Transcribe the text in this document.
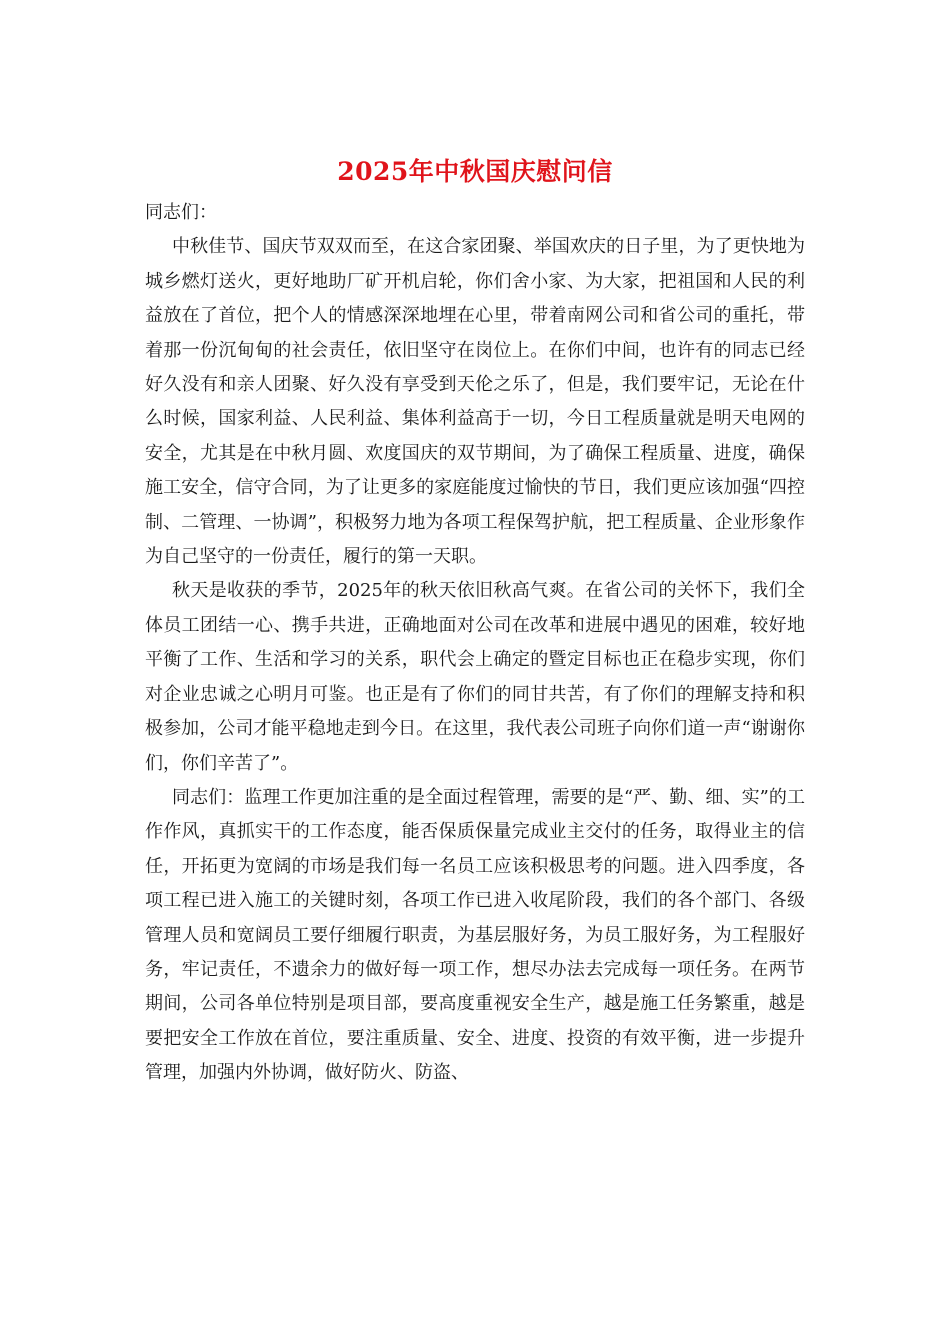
2025年中秋国庆慰问信

同志们：

中秋佳节、国庆节双双而至，在这合家团聚、举国欢庆的日子里，为了更快地为城乡燃灯送火，更好地助厂矿开机启轮，你们舍小家、为大家，把祖国和人民的利益放在了首位，把个人的情感深深地埋在心里，带着南网公司和省公司的重托，带着那一份沉甸甸的社会责任，依旧坚守在岗位上。在你们中间，也许有的同志已经好久没有和亲人团聚、好久没有享受到天伦之乐了，但是，我们要牢记，无论在什么时候，国家利益、人民利益、集体利益高于一切，今日工程质量就是明天电网的安全，尤其是在中秋月圆、欢度国庆的双节期间，为了确保工程质量、进度，确保施工安全，信守合同，为了让更多的家庭能度过愉快的节日，我们更应该加强“四控制、二管理、一协调”，积极努力地为各项工程保驾护航，把工程质量、企业形象作为自己坚守的一份责任，履行的第一天职。

秋天是收获的季节，2025年的秋天依旧秋高气爽。在省公司的关怀下，我们全体员工团结一心、携手共进，正确地面对公司在改革和进展中遇见的困难，较好地平衡了工作、生活和学习的关系，职代会上确定的暨定目标也正在稳步实现，你们对企业忠诚之心明月可鉴。也正是有了你们的同甘共苦，有了你们的理解支持和积极参加，公司才能平稳地走到今日。在这里，我代表公司班子向你们道一声“谢谢你们，你们辛苦了”。

同志们：监理工作更加注重的是全面过程管理，需要的是“严、勤、细、实”的工作作风，真抓实干的工作态度，能否保质保量完成业主交付的任务，取得业主的信任，开拓更为宽阔的市场是我们每一名员工应该积极思考的问题。进入四季度，各项工程已进入施工的关键时刻，各项工作已进入收尾阶段，我们的各个部门、各级管理人员和宽阔员工要仔细履行职责，为基层服好务，为员工服好务，为工程服好务，牢记责任，不遗余力的做好每一项工作，想尽办法去完成每一项任务。在两节期间，公司各单位特别是项目部，要高度重视安全生产，越是施工任务繁重，越是要把安全工作放在首位，要注重质量、安全、进度、投资的有效平衡，进一步提升管理，加强内外协调，做好防火、防盗、
